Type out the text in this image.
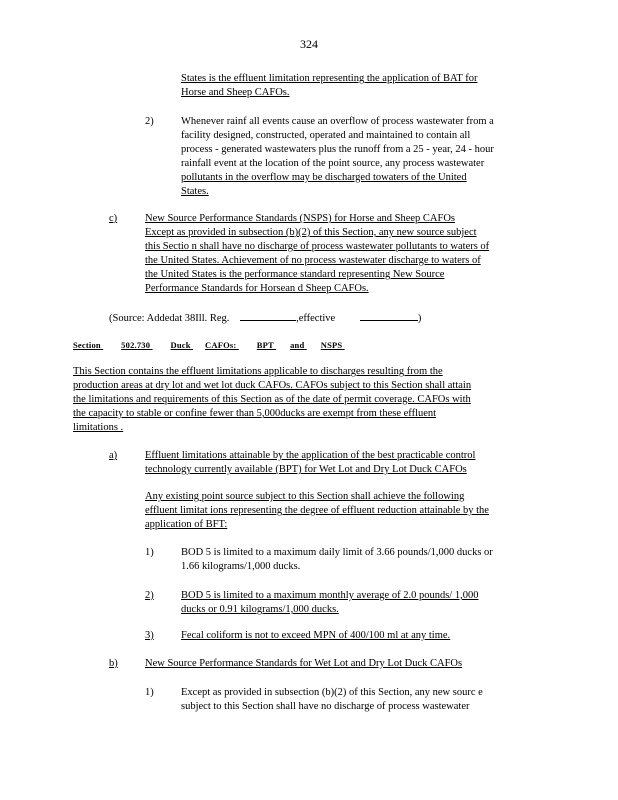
324
States is the effluent limitation representing the application of BAT for
Horse and Sheep CAFOs.
2)	Whenever rainf all events cause an overflow of process wastewater from a
facility designed, constructed, operated and maintained to contain all
process - generated wastewaters plus the runoff from a 25 - year, 24 - hour
rainfall event at the location of the point source, any process wastewater
pollutants in the overflow may be discharged towaters of the United
States.
c)	New Source Performance Standards (NSPS) for Horse and Sheep CAFOs
Except as provided in subsection (b)(2) of this Section, any new source subject
this Sectio n shall have no discharge of process wastewater pollutants to waters of
the United States. Achievement of no process wastewater discharge to waters of
the United States is the performance standard representing New Source
Performance Standards for Horsean d Sheep CAFOs.
(Source: Addedat 38Ill. Reg.	,effective	)
Section 502.730 Duck CAFOs: BPT and NSPS
This Section contains the effluent limitations applicable to discharges resulting from the
production areas at dry lot and wet lot duck CAFOs. CAFOs subject to this Section shall attain
the limitations and requirements of this Section as of the date of permit coverage. CAFOs with
the capacity to stable or confine fewer than 5,000ducks are exempt from these effluent
limitations .
a)	Effluent limitations attainable by the application of the best practicable control
technology currently available (BPT) for Wet Lot and Dry Lot Duck CAFOs
Any existing point source subject to this Section shall achieve the following
effluent limitat ions representing the degree of effluent reduction attainable by the
application of BFT:
1)	BOD 5 is limited to a maximum daily limit of 3.66 pounds/1,000 ducks or
1.66 kilograms/1,000 ducks.
2)	BOD 5 is limited to a maximum monthly average of 2.0 pounds/ 1,000
ducks or 0.91 kilograms/1,000 ducks.
3)	Fecal coliform is not to exceed MPN of 400/100 ml at any time.
b)	New Source Performance Standards for Wet Lot and Dry Lot Duck CAFOs
1)	Except as provided in subsection (b)(2) of this Section, any new sourc e
subject to this Section shall have no discharge of process wastewater
